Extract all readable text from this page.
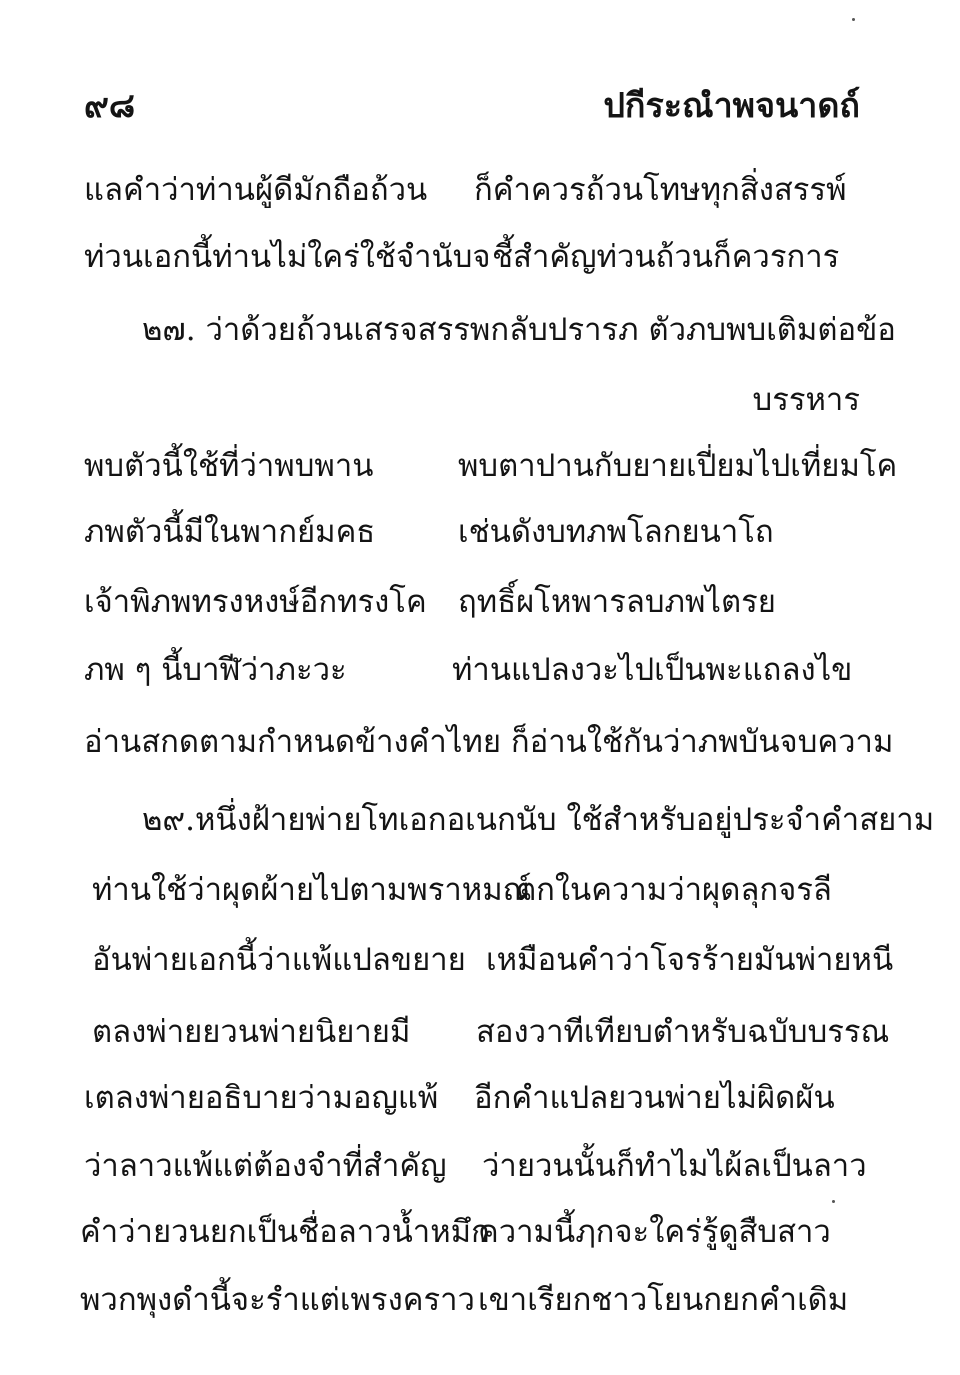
๙๘	ปกีระณำพจนาดถ์
แลคำว่าท่านผู้ดีมักถือถ้วน ก็คำควรถ้วนโทษทุกสิ่งสรรพ์
ท่วนเอกนี้ท่านไม่ใคร่ใช้จำนับจ ชี้สำคัญท่วนถ้วนก็ควรการ
๒๗. ว่าด้วยถ้วนเสรจสรรพกลับปรารภ ตัวภบพบเติมต่อข้อ
บรรหาร
พบตัวนี้ใช้ที่ว่าพบพาน	พบตาปานกับยายเปี่ยมไปเที่ยมโค
ภพตัวนี้มีในพากย์มคธ	เช่นดังบทภพโลกยนาโถ
เจ้าพิภพทรงหงษ์อีกทรงโค ฤทธิ์ผโหพารลบภพไตรย
ภพ ๆ นี้บาฬีว่าภะวะ	ท่านแปลงวะไปเป็นพะแถลงไข
อ่านสกดตามกำหนดข้างคำไทย ก็อ่านใช้กันว่าภพบันจบความ
๒๙.หนึ่งฝ้ายพ่ายโทเอกอเนกนับ ใช้สำหรับอยู่ประจำคำสยาม
ท่านใช้ว่าผุดผ้ายไปตามพราหมณ์
ตกในความว่าผุดลุกจรลี
อันพ่ายเอกนี้ว่าแพ้แปลขยาย เหมือนคำว่าโจรร้ายมันพ่ายหนี
ตลงพ่ายยวนพ่ายนิยายมี สองวาทีเทียบตำหรับฉบับบรรณ
เตลงพ่ายอธิบายว่ามอญแพ้ อีกคำแปลยวนพ่ายไม่ผิดผัน
ว่าลาวแพ้แต่ต้องจำที่สำคัญ ว่ายวนนั้นก็ทำไมไผ้ลเป็นลาว
คำว่ายวนยกเป็นชื่อลาวน้ำหมึก
ความนี้ฦกจะใคร่รู้ดูสืบสาว
พวกพุงดำนี้จะรำแต่เพรงคราว เขาเรียกชาวโยนกยกคำเดิม
